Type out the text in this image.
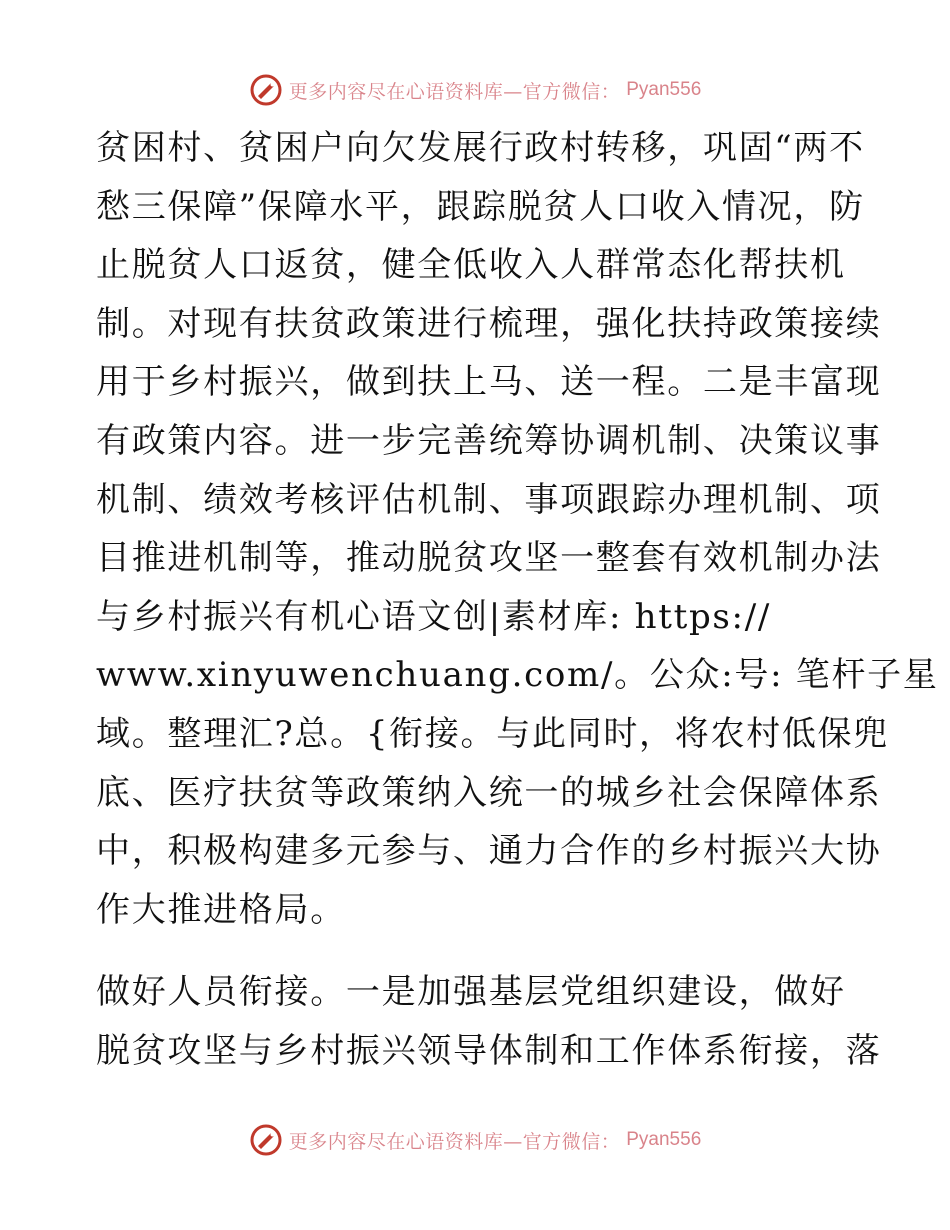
更多内容尽在心语资料库—官方微信： Pyan556
贫困村、贫困户向欠发展行政村转移，巩固“两不
愁三保障”保障水平，跟踪脱贫人口收入情况，防
止脱贫人口返贫，健全低收入人群常态化帮扶机
制。对现有扶贫政策进行梳理，强化扶持政策接续
用于乡村振兴，做到扶上马、送一程。二是丰富现
有政策内容。进一步完善统筹协调机制、决策议事
机制、绩效考核评估机制、事项跟踪办理机制、项
目推进机制等，推动脱贫攻坚一整套有效机制办法
与乡村振兴有机心语文创|素材库: https://
www.xinyuwenchuang.com/。公众:号: 笔杆子星
域。整理汇?总。{衔接。与此同时，将农村低保兜
底、医疗扶贫等政策纳入统一的城乡社会保障体系
中，积极构建多元参与、通力合作的乡村振兴大协
作大推进格局。
做好人员衔接。一是加强基层党组织建设，做好
脱贫攻坚与乡村振兴领导体制和工作体系衔接，落
更多内容尽在心语资料库—官方微信： Pyan556
